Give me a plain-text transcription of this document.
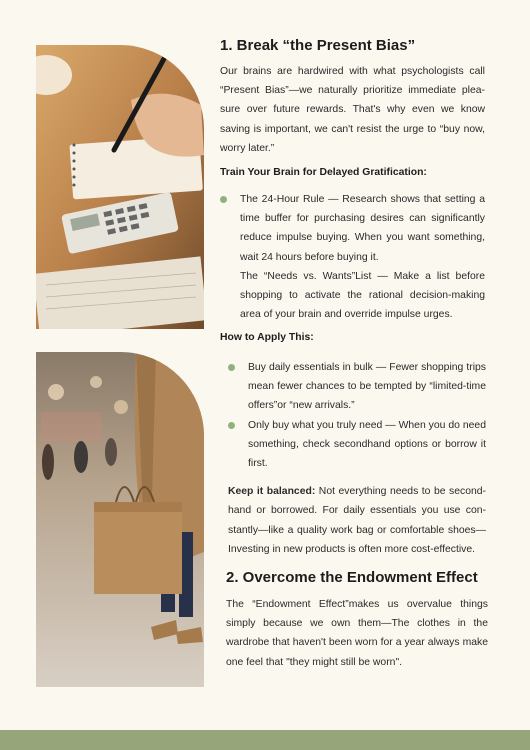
1. Break “the Present Bias”

Our brains are hardwired with what psychologists call “Present Bias”—we naturally prioritize immediate plea-sure over future rewards. That's why even we know saving is important, we can't resist the urge to “buy now, worry later.”

Train Your Brain for Delayed Gratification:
The 24-Hour Rule — Research shows that setting a time buffer for purchasing desires can significantly reduce impulse buying. When you want something, wait 24 hours before buying it.
The “Needs vs. Wants”List — Make a list before shopping to activate the rational decision-making area of your brain and override impulse urges.
How to Apply This:
Buy daily essentials in bulk — Fewer shopping trips mean fewer chances to be tempted by “limited-time offers”or “new arrivals.”
Only buy what you truly need — When you do need something, check secondhand options or borrow it first.

Keep it balanced: Not everything needs to be second-hand or borrowed. For daily essentials you use con-stantly—like a quality work bag or comfortable shoes—Investing in new products is often more cost-effective.

2. Overcome the Endowment Effect

The “Endowment Effect”makes us overvalue things simply because we own them—The clothes in the wardrobe that haven't been worn for a year always make one feel that "they might still be worn".
